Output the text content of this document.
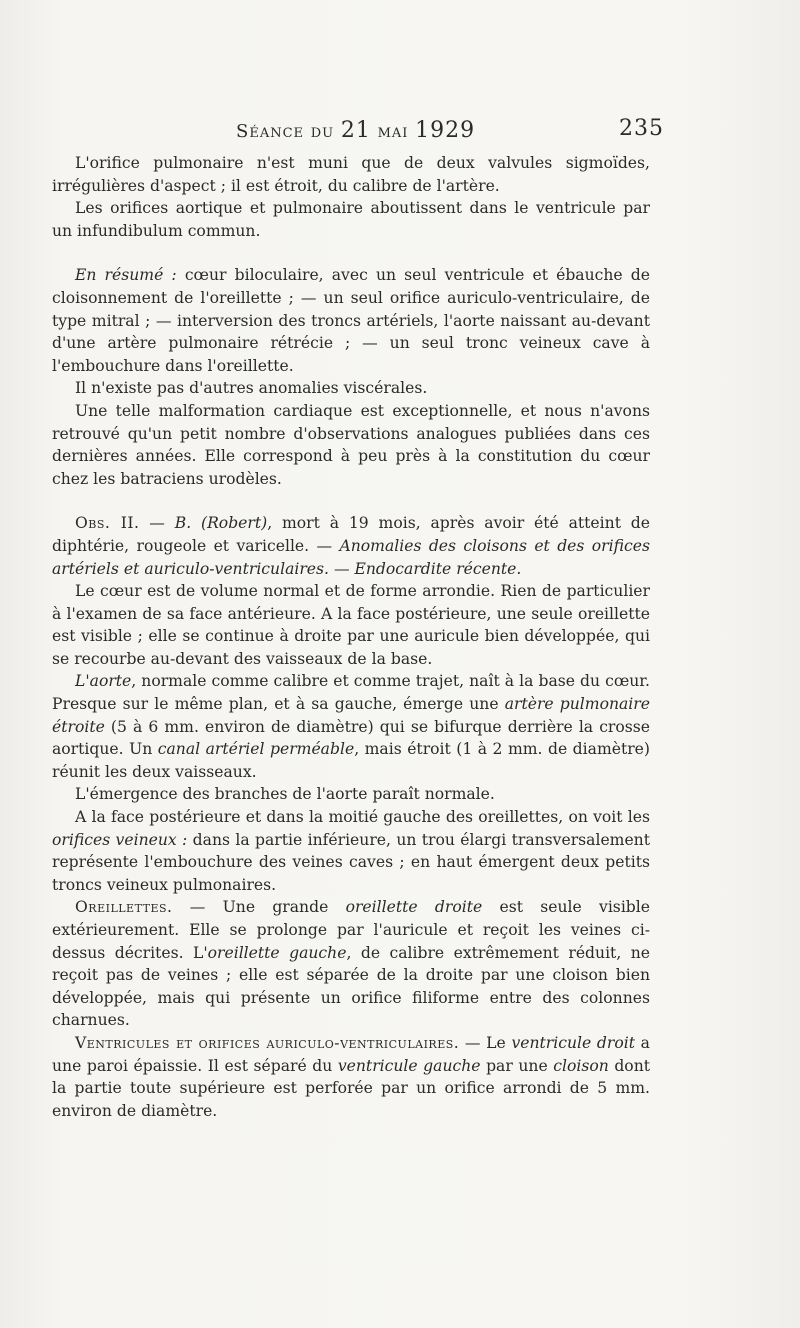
Séance du 21 mai 1929	235

L'orifice pulmonaire n'est muni que de deux valvules sigmoïdes, irrégulières d'aspect ; il est étroit, du calibre de l'artère.

Les orifices aortique et pulmonaire aboutissent dans le ventricule par un infundibulum commun.

En résumé : cœur biloculaire, avec un seul ventricule et ébauche de cloisonnement de l'oreillette ; — un seul orifice auriculo-ventriculaire, de type mitral ; — interversion des troncs artériels, l'aorte naissant au-devant d'une artère pulmonaire rétrécie ; — un seul tronc veineux cave à l'embouchure dans l'oreillette.

Il n'existe pas d'autres anomalies viscérales.

Une telle malformation cardiaque est exceptionnelle, et nous n'avons retrouvé qu'un petit nombre d'observations analogues publiées dans ces dernières années. Elle correspond à peu près à la constitution du cœur chez les batraciens urodèles.

Obs. II. — B. (Robert), mort à 19 mois, après avoir été atteint de diphtérie, rougeole et varicelle. — Anomalies des cloisons et des orifices artériels et auriculo-ventriculaires. — Endocardite récente.

Le cœur est de volume normal et de forme arrondie. Rien de particulier à l'examen de sa face antérieure. A la face postérieure, une seule oreillette est visible ; elle se continue à droite par une auricule bien développée, qui se recourbe au-devant des vaisseaux de la base.

L'aorte, normale comme calibre et comme trajet, naît à la base du cœur. Presque sur le même plan, et à sa gauche, émerge une artère pulmonaire étroite (5 à 6 mm. environ de diamètre) qui se bifurque derrière la crosse aortique. Un canal artériel perméable, mais étroit (1 à 2 mm. de diamètre) réunit les deux vaisseaux.

L'émergence des branches de l'aorte paraît normale.

A la face postérieure et dans la moitié gauche des oreillettes, on voit les orifices veineux : dans la partie inférieure, un trou élargi transversalement représente l'embouchure des veines caves ; en haut émergent deux petits troncs veineux pulmonaires.

Oreillettes. — Une grande oreillette droite est seule visible extérieurement. Elle se prolonge par l'auricule et reçoit les veines ci-dessus décrites. L'oreillette gauche, de calibre extrêmement réduit, ne reçoit pas de veines ; elle est séparée de la droite par une cloison bien développée, mais qui présente un orifice filiforme entre des colonnes charnues.

Ventricules et orifices auriculo-ventriculaires. — Le ventricule droit a une paroi épaissie. Il est séparé du ventricule gauche par une cloison dont la partie toute supérieure est perforée par un orifice arrondi de 5 mm. environ de diamètre.
